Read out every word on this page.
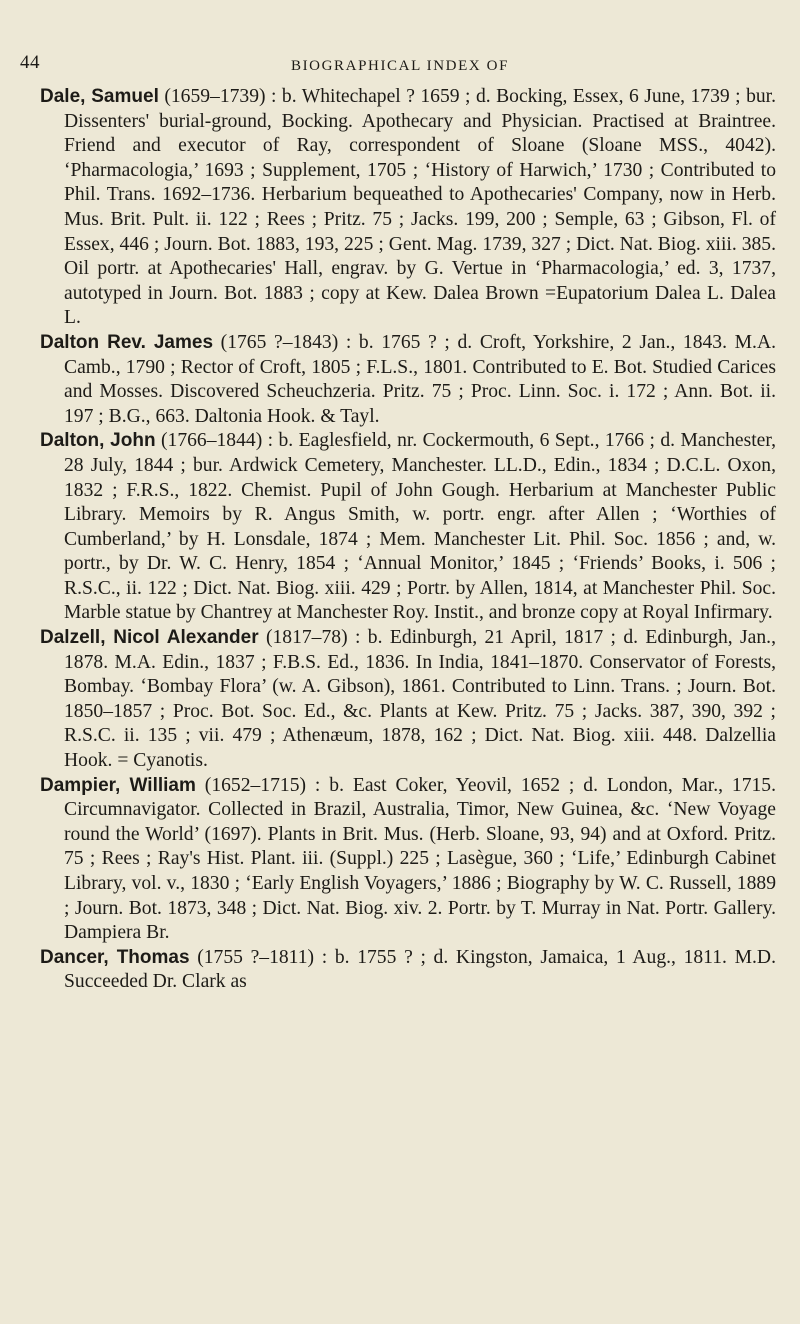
44	BIOGRAPHICAL INDEX OF

Dale, Samuel (1659–1739) : b. Whitechapel ? 1659 ; d. Bocking, Essex, 6 June, 1739 ; bur. Dissenters' burial-ground, Bocking. Apothecary and Physician. Practised at Braintree. Friend and executor of Ray, correspondent of Sloane (Sloane MSS., 4042). ‘Pharmacologia,’ 1693 ; Supplement, 1705 ; ‘History of Harwich,’ 1730 ; Contributed to Phil. Trans. 1692–1736. Herbarium bequeathed to Apothecaries' Company, now in Herb. Mus. Brit. Pult. ii. 122 ; Rees ; Pritz. 75 ; Jacks. 199, 200 ; Semple, 63 ; Gibson, Fl. of Essex, 446 ; Journ. Bot. 1883, 193, 225 ; Gent. Mag. 1739, 327 ; Dict. Nat. Biog. xiii. 385. Oil portr. at Apothecaries' Hall, engrav. by G. Vertue in ‘Pharmacologia,’ ed. 3, 1737, autotyped in Journ. Bot. 1883 ; copy at Kew. Dalea Brown =Eupatorium Dalea L. Dalea L.

Dalton Rev. James (1765 ?–1843) : b. 1765 ? ; d. Croft, Yorkshire, 2 Jan., 1843. M.A. Camb., 1790 ; Rector of Croft, 1805 ; F.L.S., 1801. Contributed to E. Bot. Studied Carices and Mosses. Discovered Scheuchzeria. Pritz. 75 ; Proc. Linn. Soc. i. 172 ; Ann. Bot. ii. 197 ; B.G., 663. Daltonia Hook. & Tayl.

Dalton, John (1766–1844) : b. Eaglesfield, nr. Cockermouth, 6 Sept., 1766 ; d. Manchester, 28 July, 1844 ; bur. Ardwick Cemetery, Manchester. LL.D., Edin., 1834 ; D.C.L. Oxon, 1832 ; F.R.S., 1822. Chemist. Pupil of John Gough. Herbarium at Manchester Public Library. Memoirs by R. Angus Smith, w. portr. engr. after Allen ; ‘Worthies of Cumberland,’ by H. Lonsdale, 1874 ; Mem. Manchester Lit. Phil. Soc. 1856 ; and, w. portr., by Dr. W. C. Henry, 1854 ; ‘Annual Monitor,’ 1845 ; ‘Friends’ Books, i. 506 ; R.S.C., ii. 122 ; Dict. Nat. Biog. xiii. 429 ; Portr. by Allen, 1814, at Manchester Phil. Soc. Marble statue by Chantrey at Manchester Roy. Instit., and bronze copy at Royal Infirmary.

Dalzell, Nicol Alexander (1817–78) : b. Edinburgh, 21 April, 1817 ; d. Edinburgh, Jan., 1878. M.A. Edin., 1837 ; F.B.S. Ed., 1836. In India, 1841–1870. Conservator of Forests, Bombay. ‘Bombay Flora’ (w. A. Gibson), 1861. Contributed to Linn. Trans. ; Journ. Bot. 1850–1857 ; Proc. Bot. Soc. Ed., &c. Plants at Kew. Pritz. 75 ; Jacks. 387, 390, 392 ; R.S.C. ii. 135 ; vii. 479 ; Athenæum, 1878, 162 ; Dict. Nat. Biog. xiii. 448. Dalzellia Hook. = Cyanotis.

Dampier, William (1652–1715) : b. East Coker, Yeovil, 1652 ; d. London, Mar., 1715. Circumnavigator. Collected in Brazil, Australia, Timor, New Guinea, &c. ‘New Voyage round the World’ (1697). Plants in Brit. Mus. (Herb. Sloane, 93, 94) and at Oxford. Pritz. 75 ; Rees ; Ray's Hist. Plant. iii. (Suppl.) 225 ; Lasègue, 360 ; ‘Life,’ Edinburgh Cabinet Library, vol. v., 1830 ; ‘Early English Voyagers,’ 1886 ; Biography by W. C. Russell, 1889 ; Journ. Bot. 1873, 348 ; Dict. Nat. Biog. xiv. 2. Portr. by T. Murray in Nat. Portr. Gallery. Dampiera Br.

Dancer, Thomas (1755 ?–1811) : b. 1755 ? ; d. Kingston, Jamaica, 1 Aug., 1811. M.D. Succeeded Dr. Clark as
